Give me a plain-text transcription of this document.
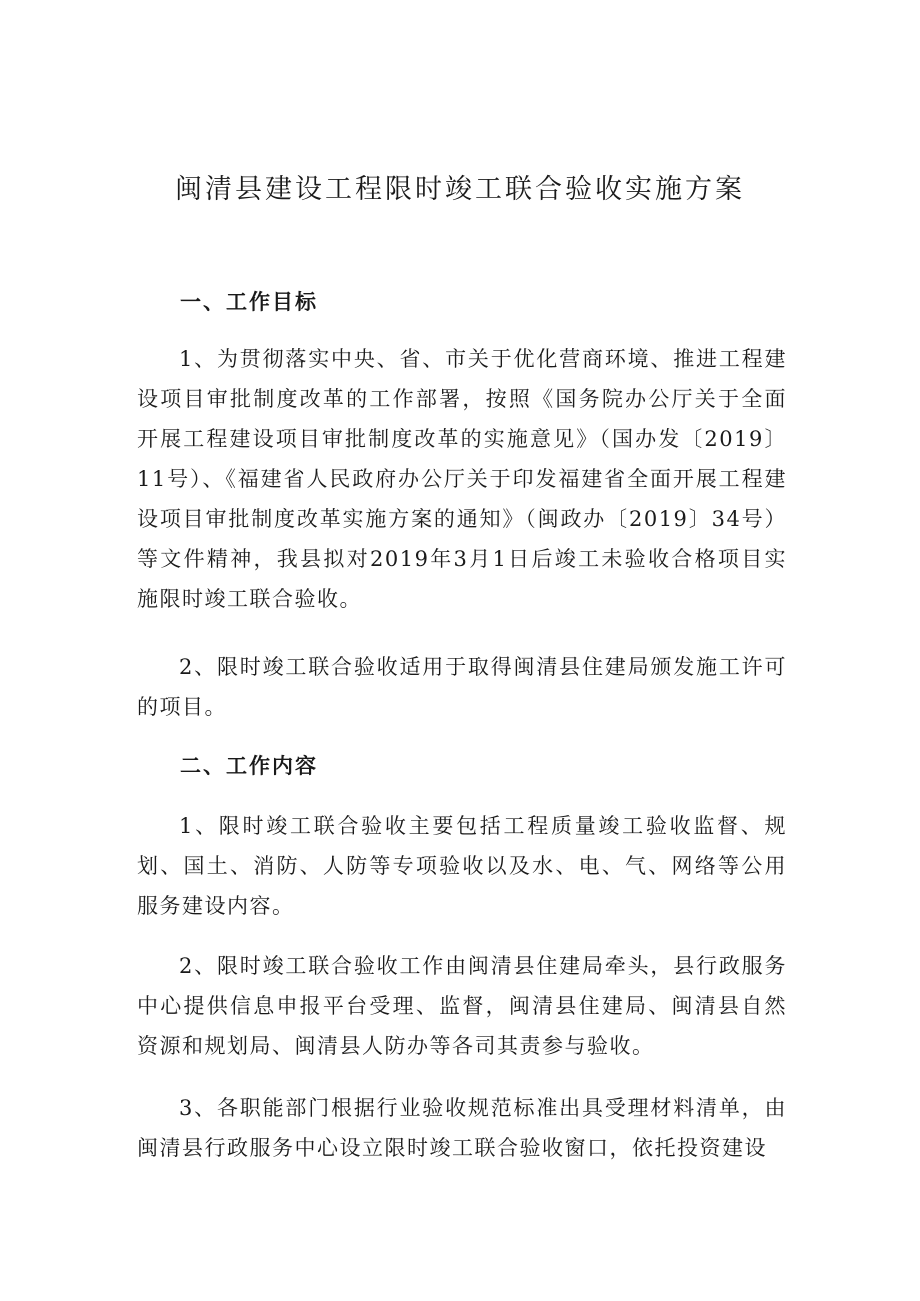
闽清县建设工程限时竣工联合验收实施方案
一、工作目标

1、为贯彻落实中央、省、市关于优化营商环境、推进工程建设项目审批制度改革的工作部署，按照《国务院办公厅关于全面开展工程建设项目审批制度改革的实施意见》（国办发〔2019〕11号）、《福建省人民政府办公厅关于印发福建省全面开展工程建设项目审批制度改革实施方案的通知》（闽政办〔2019〕34号）等文件精神，我县拟对2019年3月1日后竣工未验收合格项目实施限时竣工联合验收。

2、限时竣工联合验收适用于取得闽清县住建局颁发施工许可的项目。

二、工作内容

1、限时竣工联合验收主要包括工程质量竣工验收监督、规划、国土、消防、人防等专项验收以及水、电、气、网络等公用服务建设内容。

2、限时竣工联合验收工作由闽清县住建局牵头，县行政服务中心提供信息申报平台受理、监督，闽清县住建局、闽清县自然资源和规划局、闽清县人防办等各司其责参与验收。

3、各职能部门根据行业验收规范标准出具受理材料清单，由闽清县行政服务中心设立限时竣工联合验收窗口，依托投资建设
